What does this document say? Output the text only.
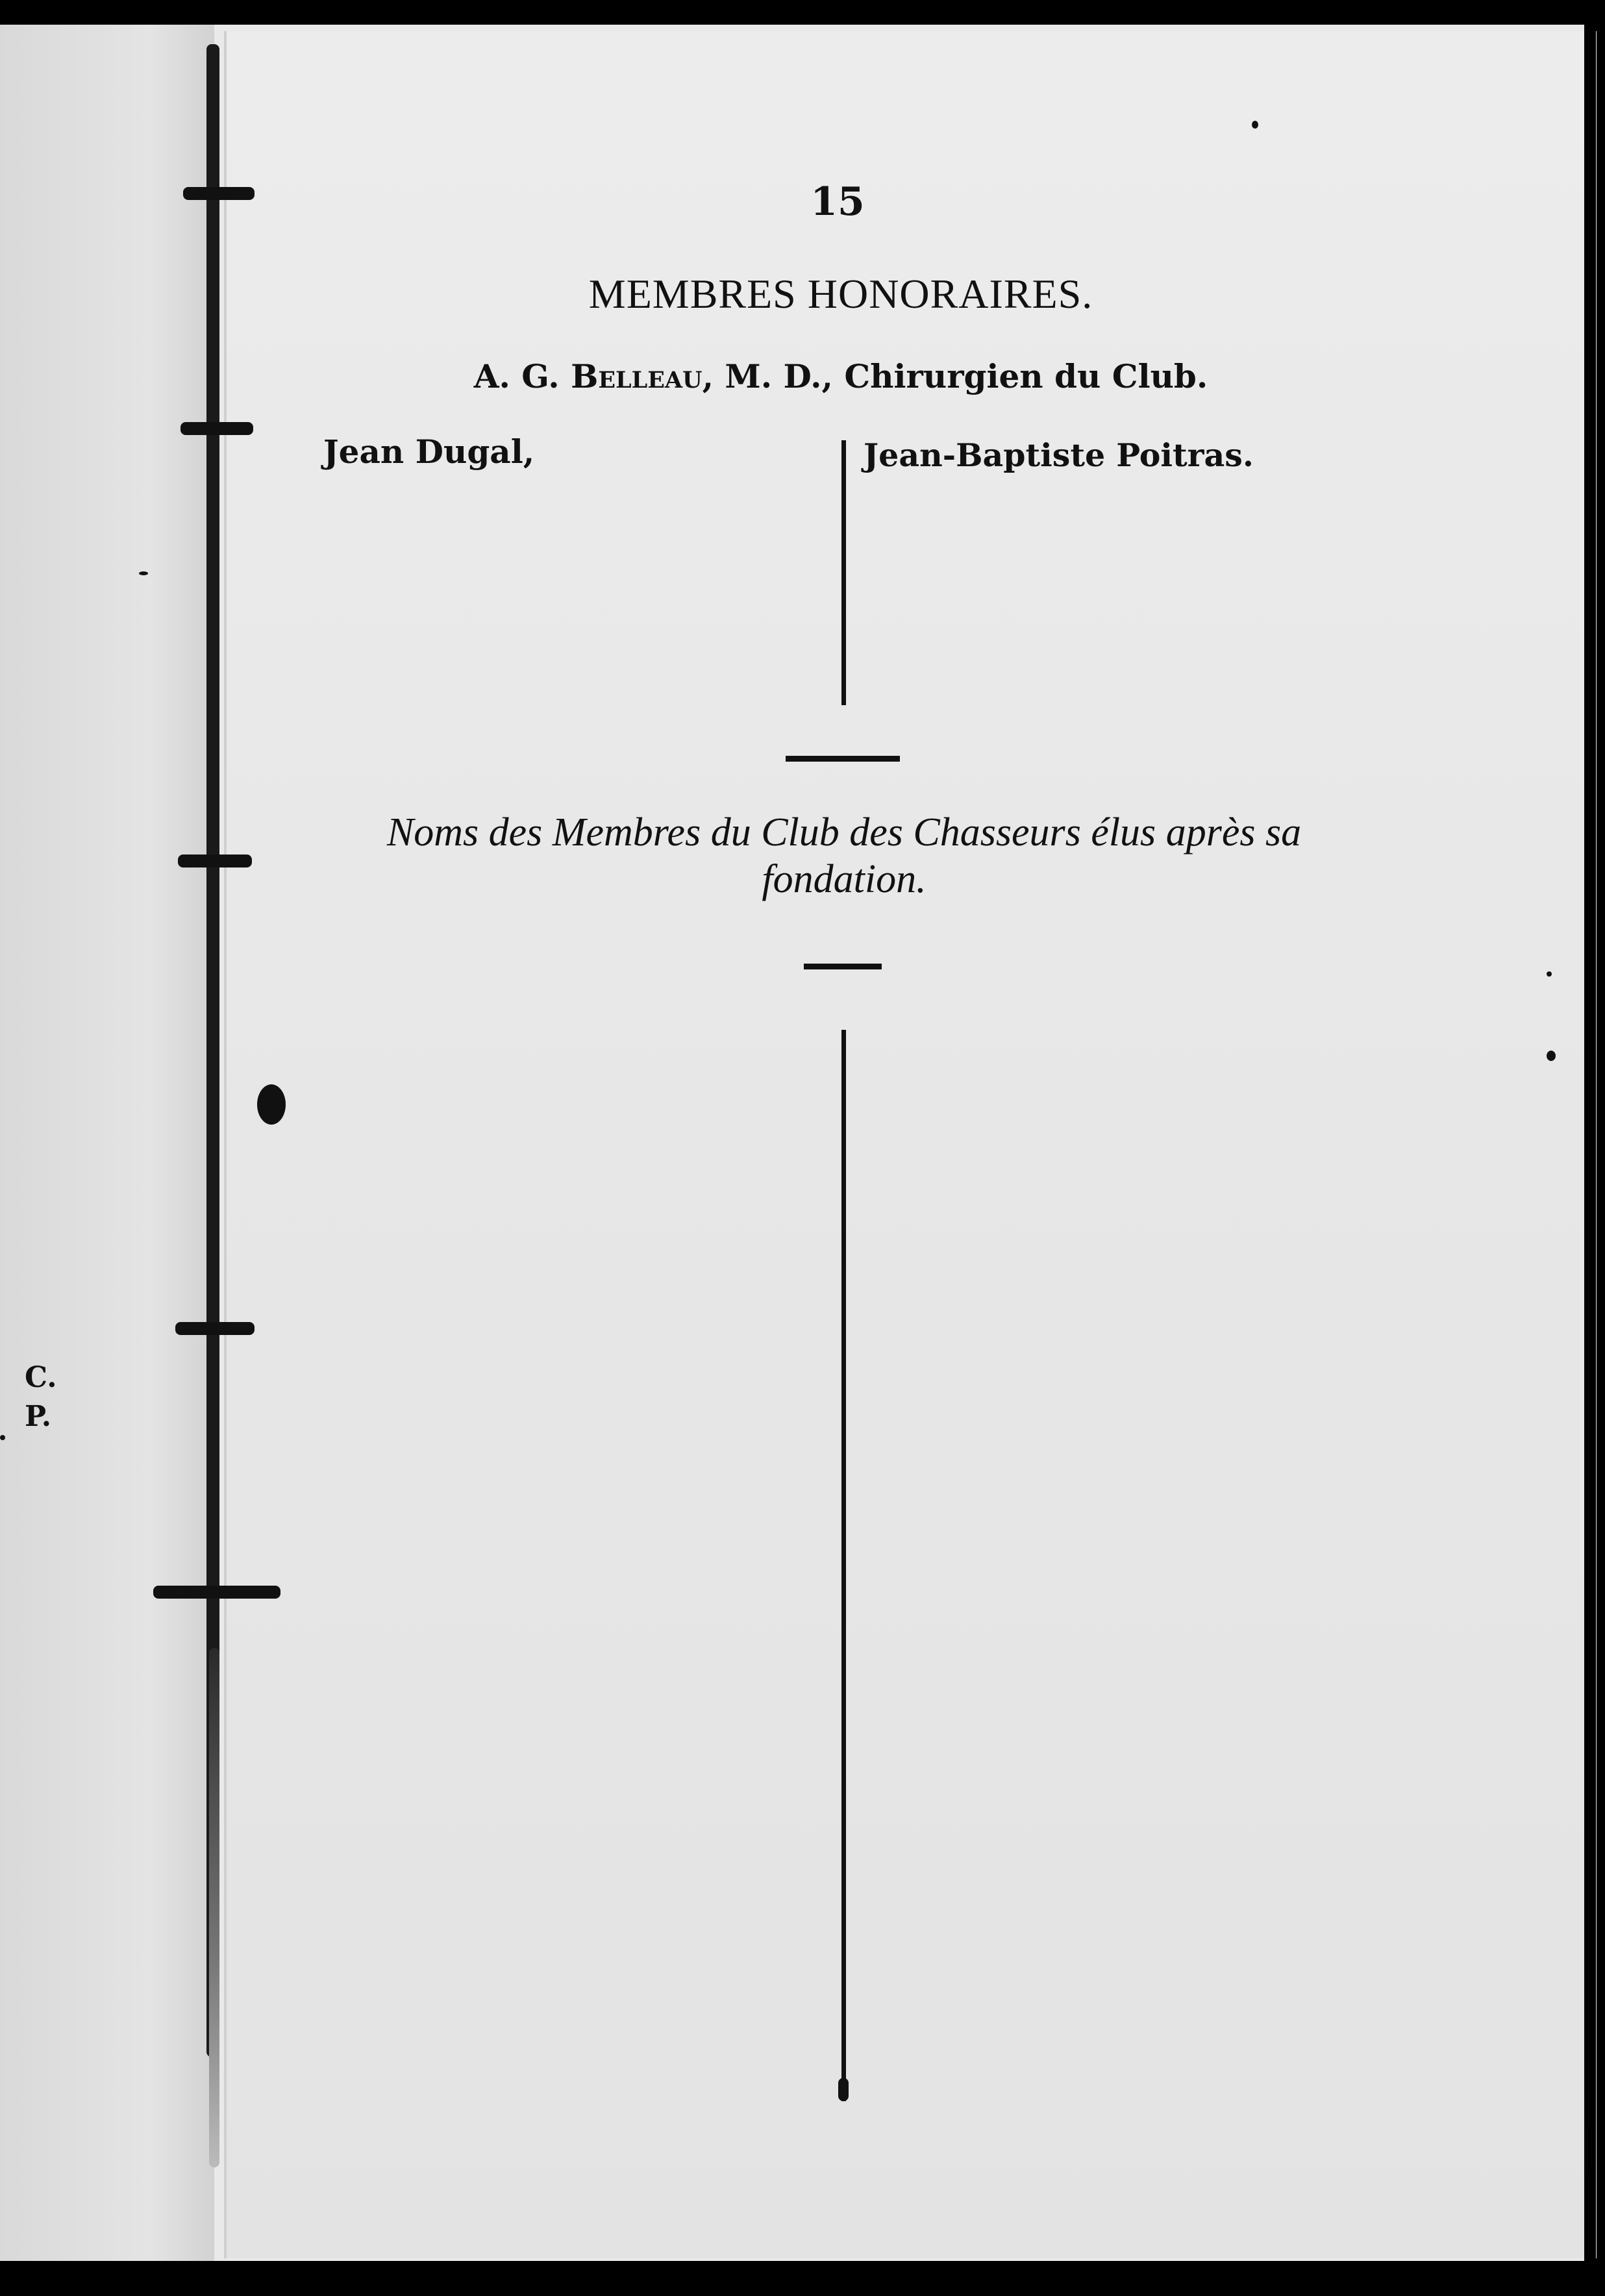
15
MEMBRES HONORAIRES.
A. G. Belleau, M. D., Chirurgien du Club.
Jean Dugal,	Jean-Baptiste Poitras.
Noms des Membres du Club des Chasseurs élus après sa fondation.
C.
P.
